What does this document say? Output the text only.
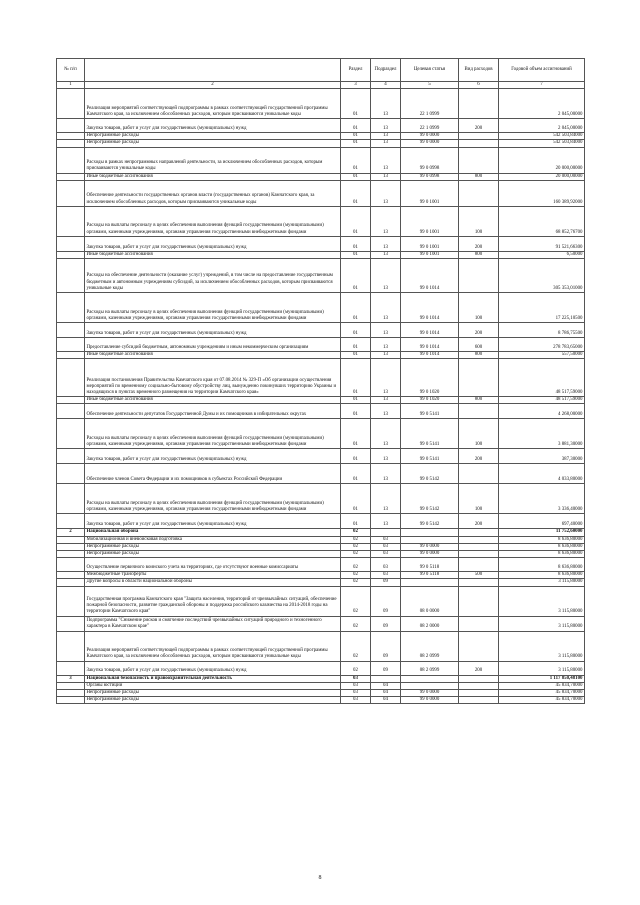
№ п/п		Раздел	Подраздел	Целевая статья	Вид расходов	Годовой объем ассигнований
1	2	3	4	5	6	7
	Реализация мероприятий соответствующей подпрограммы в рамках соответствующей государственной программы Камчатского края, за исключением обособленных расходов, которым присваиваются уникальные коды	01	13	22 1 0999		2 045,00000
	Закупка товаров, работ и услуг для государственных (муниципальных) нужд	01	13	22 1 0999	200	2 045,00000
	Непрограммные расходы	01	13	99 0 0000		542 503,84000
	Непрограммные расходы	01	13	99 0 0000		542 503,84000
	Расходы в рамках непрограммных направлений деятельности, за исключением обособленных расходов, которым присваиваются уникальные коды	01	13	99 0 0998		20 000,00000
	Иные бюджетные ассигнования	01	13	99 0 0998	800	20 000,00000
	Обеспечение деятельности государственных органов власти (государственных органов) Камчатского края, за исключением обособленных расходов, которым присваиваются уникальные коды	01	13	99 0 1001		160 389,92000
	Расходы на выплаты персоналу в целях обеспечения выполнения функций государственными (муниципальными) органами, казенными учреждениями, органами управления государственными внебюджетными фондами	01	13	99 0 1001	100	68 852,76700
	Закупка товаров, работ и услуг для государственных (муниципальных) нужд	01	13	99 0 1001	200	91 521,66300
	Иные бюджетные ассигнования	01	13	99 0 1001	800	6,50000
	Расходы на обеспечение деятельности (оказание услуг) учреждений, в том числе на предоставление государственным бюджетным и автономным учреждениям субсидий, за исключением обособленных расходов, которым присваиваются уникальные коды	01	13	99 0 1014		305 353,01000
	Расходы на выплаты персоналу в целях обеспечения выполнения функций государственными (муниципальными) органами, казенными учреждениями, органами управления государственными внебюджетными фондами	01	13	99 0 1014	100	17 225,10500
	Закупка товаров, работ и услуг для государственных (муниципальных) нужд	01	13	99 0 1014	200	8 786,75500
	Предоставление субсидий бюджетным, автономным учреждениям и иным некоммерческим организациям	01	13	99 0 1014	600	278 783,65000
	Иные бюджетные ассигнования	01	13	99 0 1014	800	557,50000
	Реализация постановления Правительства Камчатского края от 07.08.2014 № 329-П «Об организации осуществления мероприятий по временному социально-бытовому обустройству лиц, вынужденно покинувших территорию Украины и находящихся в пунктах временного размещения на территории Камчатского края»	01	13	99 0 1020		48 517,59000
	Иные бюджетные ассигнования	01	13	99 0 1020	800	48 517,59000
	Обеспечение деятельности депутатов Государственной Думы и их помощников в избирательных округах	01	13	99 0 5141		4 268,00000
	Расходы на выплаты персоналу в целях обеспечения выполнения функций государственными (муниципальными) органами, казенными учреждениями, органами управления государственными внебюджетными фондами	01	13	99 0 5141	100	3 881,30000
	Закупка товаров, работ и услуг для государственных (муниципальных) нужд	01	13	99 0 5141	200	387,30000
	Обеспечение членов Совета Федерации и их помощников в субъектах Российской Федерации	01	13	99 0 5142		4 033,80000
	Расходы на выплаты персоналу в целях обеспечения выполнения функций государственными (муниципальными) органами, казенными учреждениями, органами управления государственными внебюджетными фондами	01	13	99 0 5142	100	3 336,40000
	Закупка товаров, работ и услуг для государственных (муниципальных) нужд	01	13	99 0 5142	200	697,40000
2	Национальная оборона	02				11 752,60000
	Мобилизационная и вневойсковая подготовка	02	03			8 636,80000
	Непрограммные расходы	02	03	99 0 0000		8 636,80000
	Непрограммные расходы	02	03	99 0 0000		8 636,80000
	Осуществление первичного воинского учета на территориях, где отсутствуют военные комиссариаты	02	03	99 0 5118		8 636,80000
	Межбюджетные трансферты	02	03	99 0 5118	500	8 636,80000
	Другие вопросы в области национальной обороны	02	09			3 115,80000
	Государственная программа Камчатского края "Защита населения, территорий от чрезвычайных ситуаций, обеспечение пожарной безопасности, развитие гражданской обороны и поддержка российского казачества на 2014-2018 годы на территории Камчатского края"	02	09	08 0 0000		3 115,80000
	Подпрограмма "Снижение рисков и смягчение последствий чрезвычайных ситуаций природного и техногенного характера в Камчатском крае"	02	09	08 2 0000		3 115,80000
	Реализация мероприятий соответствующей подпрограммы в рамках соответствующей государственной программы Камчатского края, за исключением обособленных расходов, которым присваиваются уникальные коды	02	09	08 2 0999		3 115,80000
	Закупка товаров, работ и услуг для государственных (муниципальных) нужд	02	09	08 2 0999	200	3 115,80000
3	Национальная безопасность и правоохранительная деятельность	03				1 117 850,48100
	Органы юстиции	03	04			45 834,70000
	Непрограммные расходы	03	04	99 0 0000		45 834,70000
	Непрограммные расходы	03	04	99 0 0000		45 834,70000
8
